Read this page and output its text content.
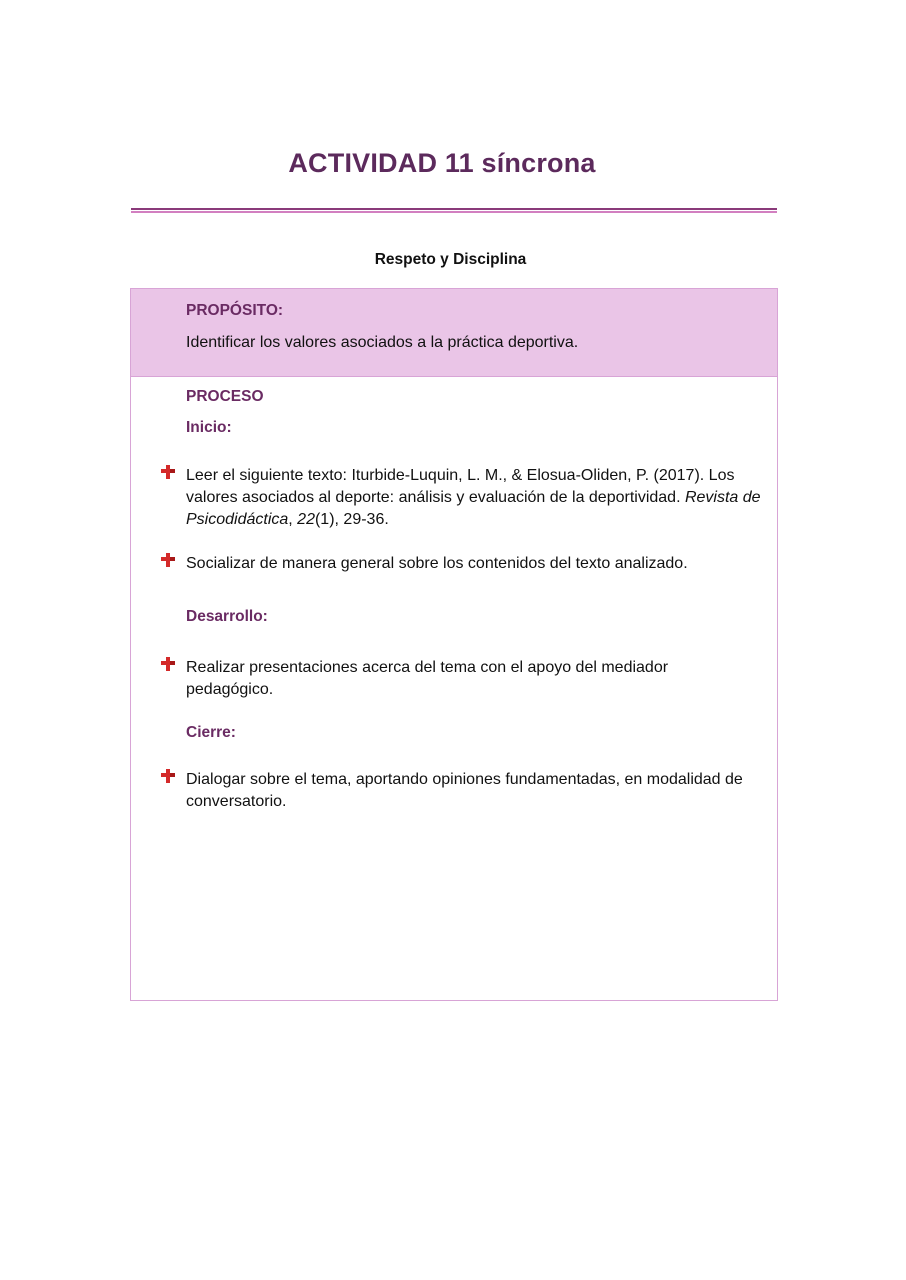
ACTIVIDAD 11 síncrona
Respeto y Disciplina
PROPÓSITO:
Identificar los valores asociados a la práctica deportiva.
PROCESO
Inicio:
Leer el siguiente texto: Iturbide-Luquin, L. M., & Elosua-Oliden, P. (2017). Los valores asociados al deporte: análisis y evaluación de la deportividad. Revista de Psicodidáctica, 22(1), 29-36.
Socializar de manera general sobre los contenidos del texto analizado.
Desarrollo:
Realizar presentaciones acerca del tema con el apoyo del mediador pedagógico.
Cierre:
Dialogar sobre el tema, aportando opiniones fundamentadas, en modalidad de conversatorio.
